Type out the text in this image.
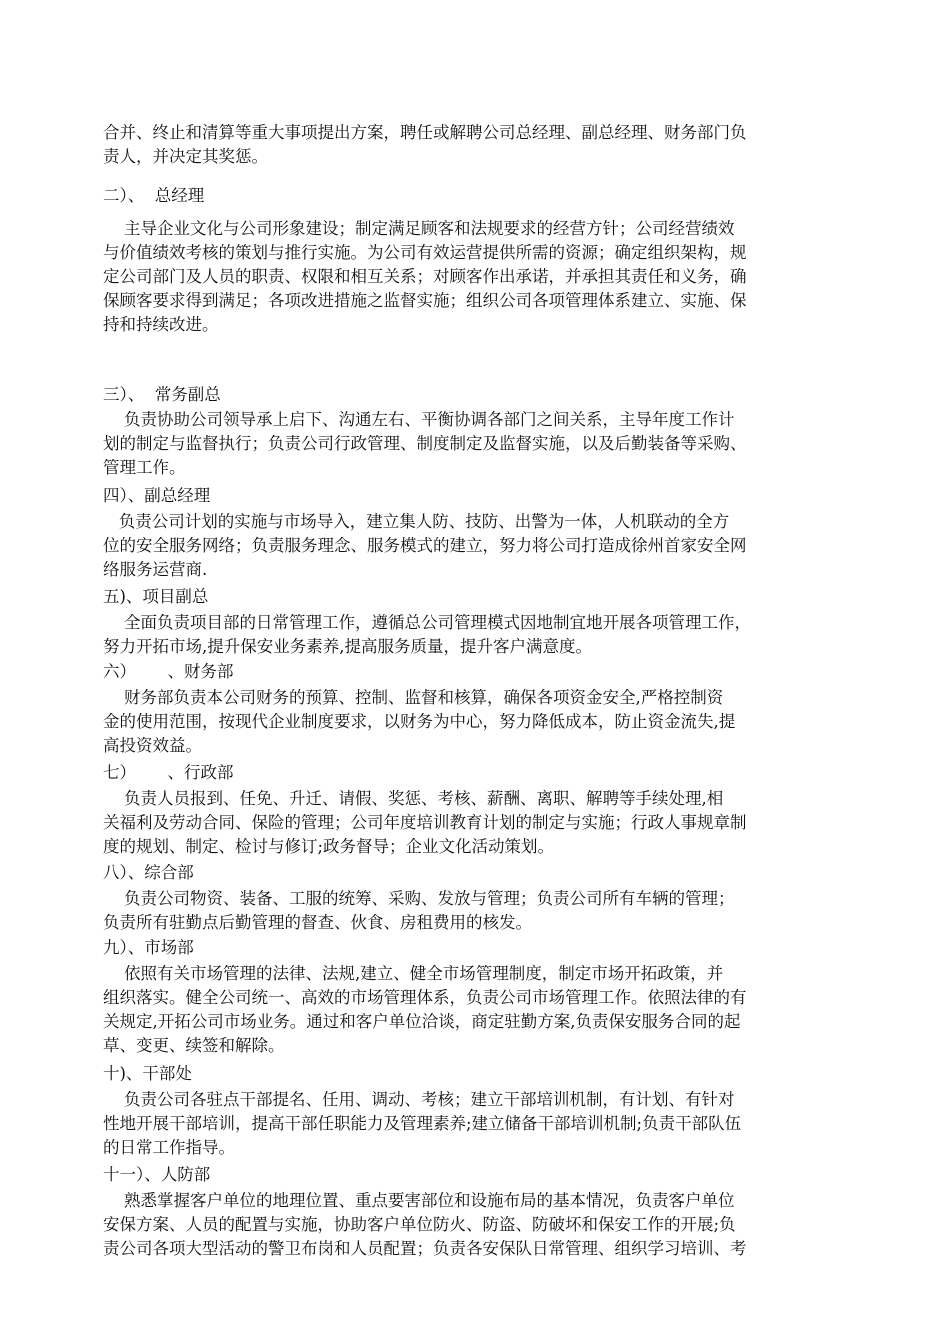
合并、终止和清算等重大事项提出方案，聘任或解聘公司总经理、副总经理、财务部门负
责人，并决定其奖惩。
二）、  总经理
主导企业文化与公司形象建设；制定满足顾客和法规要求的经营方针；公司经营绩效
与价值绩效考核的策划与推行实施。为公司有效运营提供所需的资源；确定组织架构，规
定公司部门及人员的职责、权限和相互关系；对顾客作出承诺，并承担其责任和义务，确
保顾客要求得到满足；各项改进措施之监督实施；组织公司各项管理体系建立、实施、保
持和持续改进。
三）、  常务副总
负责协助公司领导承上启下、沟通左右、平衡协调各部门之间关系，主导年度工作计
划的制定与监督执行；负责公司行政管理、制度制定及监督实施，以及后勤装备等采购、
管理工作。
四）、副总经理
负责公司计划的实施与市场导入，建立集人防、技防、出警为一体，人机联动的全方
位的安全服务网络；负责服务理念、服务模式的建立，努力将公司打造成徐州首家安全网
络服务运营商.
五)、项目副总
全面负责项目部的日常管理工作，遵循总公司管理模式因地制宜地开展各项管理工作，
努力开拓市场,提升保安业务素养,提高服务质量，提升客户满意度。
六）      、财务部
财务部负责本公司财务的预算、控制、监督和核算，确保各项资金安全,严格控制资
金的使用范围，按现代企业制度要求，以财务为中心，努力降低成本，防止资金流失,提
高投资效益。
七）      、行政部
负责人员报到、任免、升迁、请假、奖惩、考核、薪酬、离职、解聘等手续处理,相
关福利及劳动合同、保险的管理；公司年度培训教育计划的制定与实施；行政人事规章制
度的规划、制定、检讨与修订;政务督导；企业文化活动策划。
八）、综合部
负责公司物资、装备、工服的统筹、采购、发放与管理；负责公司所有车辆的管理；
负责所有驻勤点后勤管理的督查、伙食、房租费用的核发。
九）、市场部
依照有关市场管理的法律、法规,建立、健全市场管理制度，制定市场开拓政策，并
组织落实。健全公司统一、高效的市场管理体系，负责公司市场管理工作。依照法律的有
关规定,开拓公司市场业务。通过和客户单位洽谈，商定驻勤方案,负责保安服务合同的起
草、变更、续签和解除。
十)、干部处
负责公司各驻点干部提名、任用、调动、考核；建立干部培训机制，有计划、有针对
性地开展干部培训，提高干部任职能力及管理素养;建立储备干部培训机制;负责干部队伍
的日常工作指导。
十一）、人防部
熟悉掌握客户单位的地理位置、重点要害部位和设施布局的基本情况，负责客户单位
安保方案、人员的配置与实施，协助客户单位防火、防盗、防破坏和保安工作的开展;负
责公司各项大型活动的警卫布岗和人员配置；负责各安保队日常管理、组织学习培训、考
